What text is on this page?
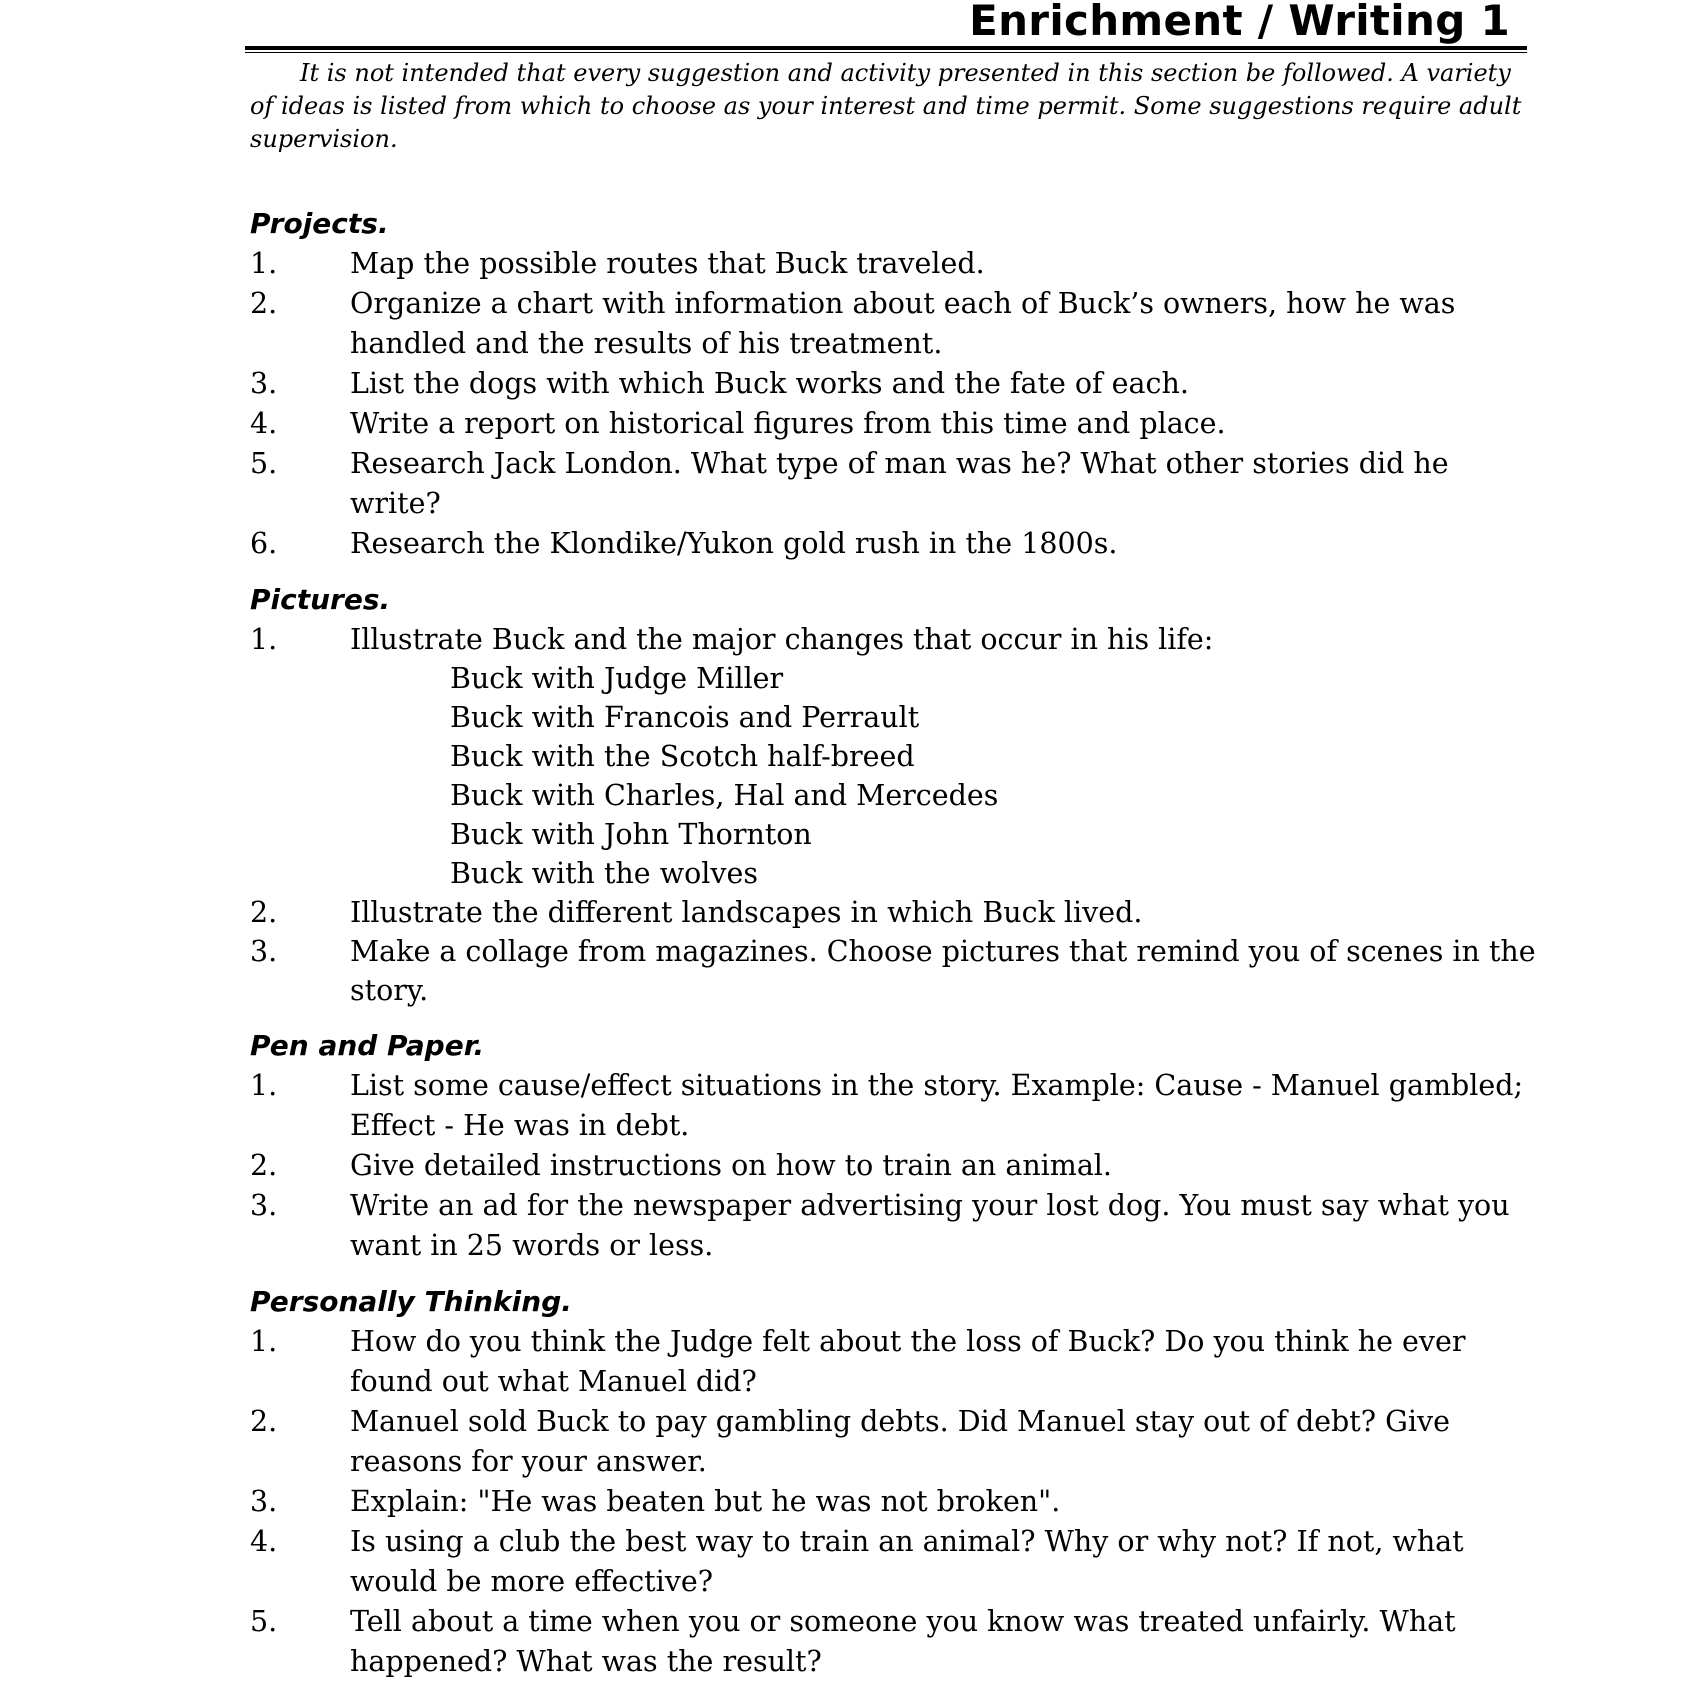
Enrichment / Writing 1

It is not intended that every suggestion and activity presented in this section be followed. A variety of ideas is listed from which to choose as your interest and time permit. Some suggestions require adult supervision.

Projects.
1.	Map the possible routes that Buck traveled.
2.	Organize a chart with information about each of Buck’s owners, how he was handled and the results of his treatment.
3.	List the dogs with which Buck works and the fate of each.
4.	Write a report on historical figures from this time and place.
5.	Research Jack London. What type of man was he? What other stories did he write?
6.	Research the Klondike/Yukon gold rush in the 1800s.
Pictures.
1.	Illustrate Buck and the major changes that occur in his life:
Buck with Judge Miller
Buck with Francois and Perrault
Buck with the Scotch half-breed
Buck with Charles, Hal and Mercedes
Buck with John Thornton
Buck with the wolves
2.	Illustrate the different landscapes in which Buck lived.
3.	Make a collage from magazines. Choose pictures that remind you of scenes in the story.
Pen and Paper.
1.	List some cause/effect situations in the story. Example: Cause - Manuel gambled; Effect - He was in debt.
2.	Give detailed instructions on how to train an animal.
3.	Write an ad for the newspaper advertising your lost dog. You must say what you want in 25 words or less.
Personally Thinking.
1.	How do you think the Judge felt about the loss of Buck? Do you think he ever found out what Manuel did?
2.	Manuel sold Buck to pay gambling debts. Did Manuel stay out of debt? Give reasons for your answer.
3.	Explain: "He was beaten but he was not broken".
4.	Is using a club the best way to train an animal? Why or why not? If not, what would be more effective?
5.	Tell about a time when you or someone you know was treated unfairly. What happened? What was the result?
